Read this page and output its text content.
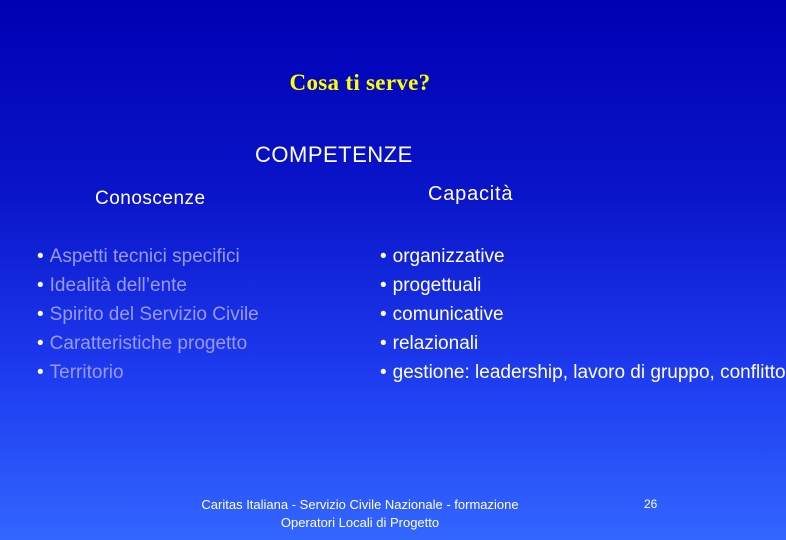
Cosa ti serve?
COMPETENZE
Conoscenze	Capacità
• Aspetti tecnici specifici
• Idealità dell’ente
• Spirito del Servizio Civile
• Caratteristiche progetto
• Territorio
• organizzative
• progettuali
• comunicative
• relazionali
• gestione: leadership, lavoro di gruppo, conflitto
Caritas Italiana - Servizio Civile Nazionale - formazione Operatori Locali di Progetto
26
